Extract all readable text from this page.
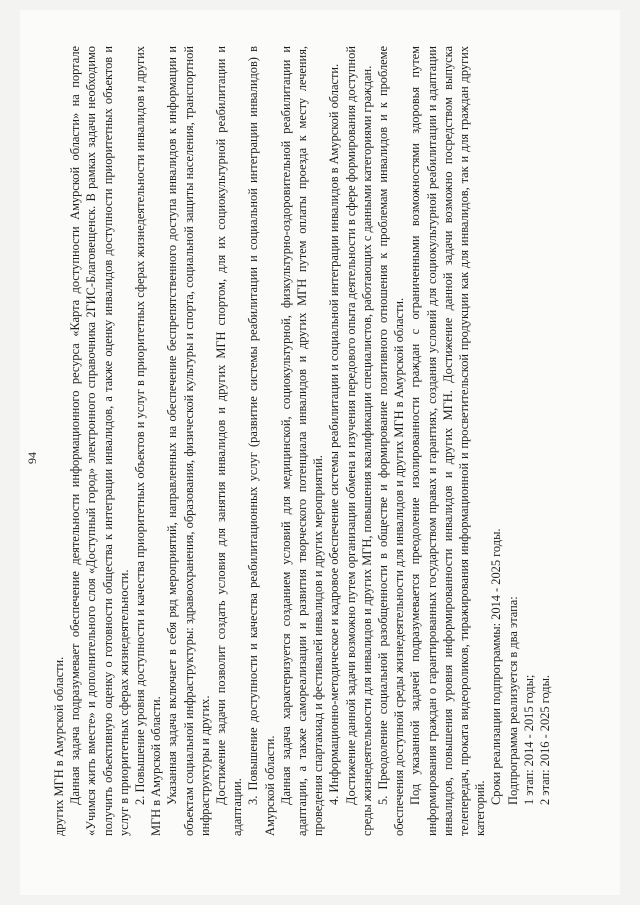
94

других МГН в Амурской области. Данная задача подразумевает обеспечение деятельности информационного ресурса «Карта доступности Амурской области» на портале «Учимся жить вместе» и дополнительного слоя «Доступный город» электронного справочника 2ГИС-Благовещенск. В рамках задачи необходимо получить объективную оценку о готовности общества к интеграции инвалидов, а также оценку инвалидов доступности приоритетных объектов и услуг в приоритетных сферах жизнедеятельности. 2. Повышение уровня доступности и качества приоритетных объектов и услуг в приоритетных сферах жизнедеятельности инвалидов и других МГН в Амурской области. Указанная задача включает в себя ряд мероприятий, направленных на обеспечение беспрепятственного доступа инвалидов к информации и объектам социальной инфраструктуры: здравоохранения, образования, физической культуры и спорта, социальной защиты населения, транспортной инфраструктуры и других. Достижение задачи позволит создать условия для занятия инвалидов и других МГН спортом, для их социокультурной реабилитации и адаптации.

3. Повышение доступности и качества реабилитационных услуг (развитие системы реабилитации и социальной интеграции инвалидов) в Амурской области. Данная задача характеризуется созданием условий для медицинской, социокультурной, физкультурно-оздоровительной реабилитации и адаптации, а также самореализации и развития творческого потенциала инвалидов и других МГН путем оплаты проезда к месту лечения, проведения спартакиад и фестивалей инвалидов и других мероприятий. 4. Информационно-методическое и кадровое обеспечение системы реабилитации и социальной интеграции инвалидов в Амурской области. Достижение данной задачи возможно путем организации обмена и изучения передового опыта деятельности в сфере формирования доступной среды жизнедеятельности для инвалидов и других МГН, повышения квалификации специалистов, работающих с данными категориями граждан. 5. Преодоление социальной разобщенности в обществе и формирование позитивного отношения к проблемам инвалидов и к проблеме обеспечения доступной среды жизнедеятельности для инвалидов и других МГН в Амурской области. Под указанной задачей подразумевается преодоление изолированности граждан с ограниченными возможностями здоровья путем информирования граждан о гарантированных государством правах и гарантиях, создания условий для социокультурной реабилитации и адаптации инвалидов, повышения уровня информированности инвалидов и других МГН. Достижение данной задачи возможно посредством выпуска телепередач, проката видеороликов, тиражирования информационной и просветительской продукции как для инвалидов, так и для граждан других категорий.

Сроки реализации подпрограммы: 2014 - 2025 годы. Подпрограмма реализуется в два этапа: 1 этап: 2014 - 2015 годы; 2 этап: 2016 - 2025 годы.
